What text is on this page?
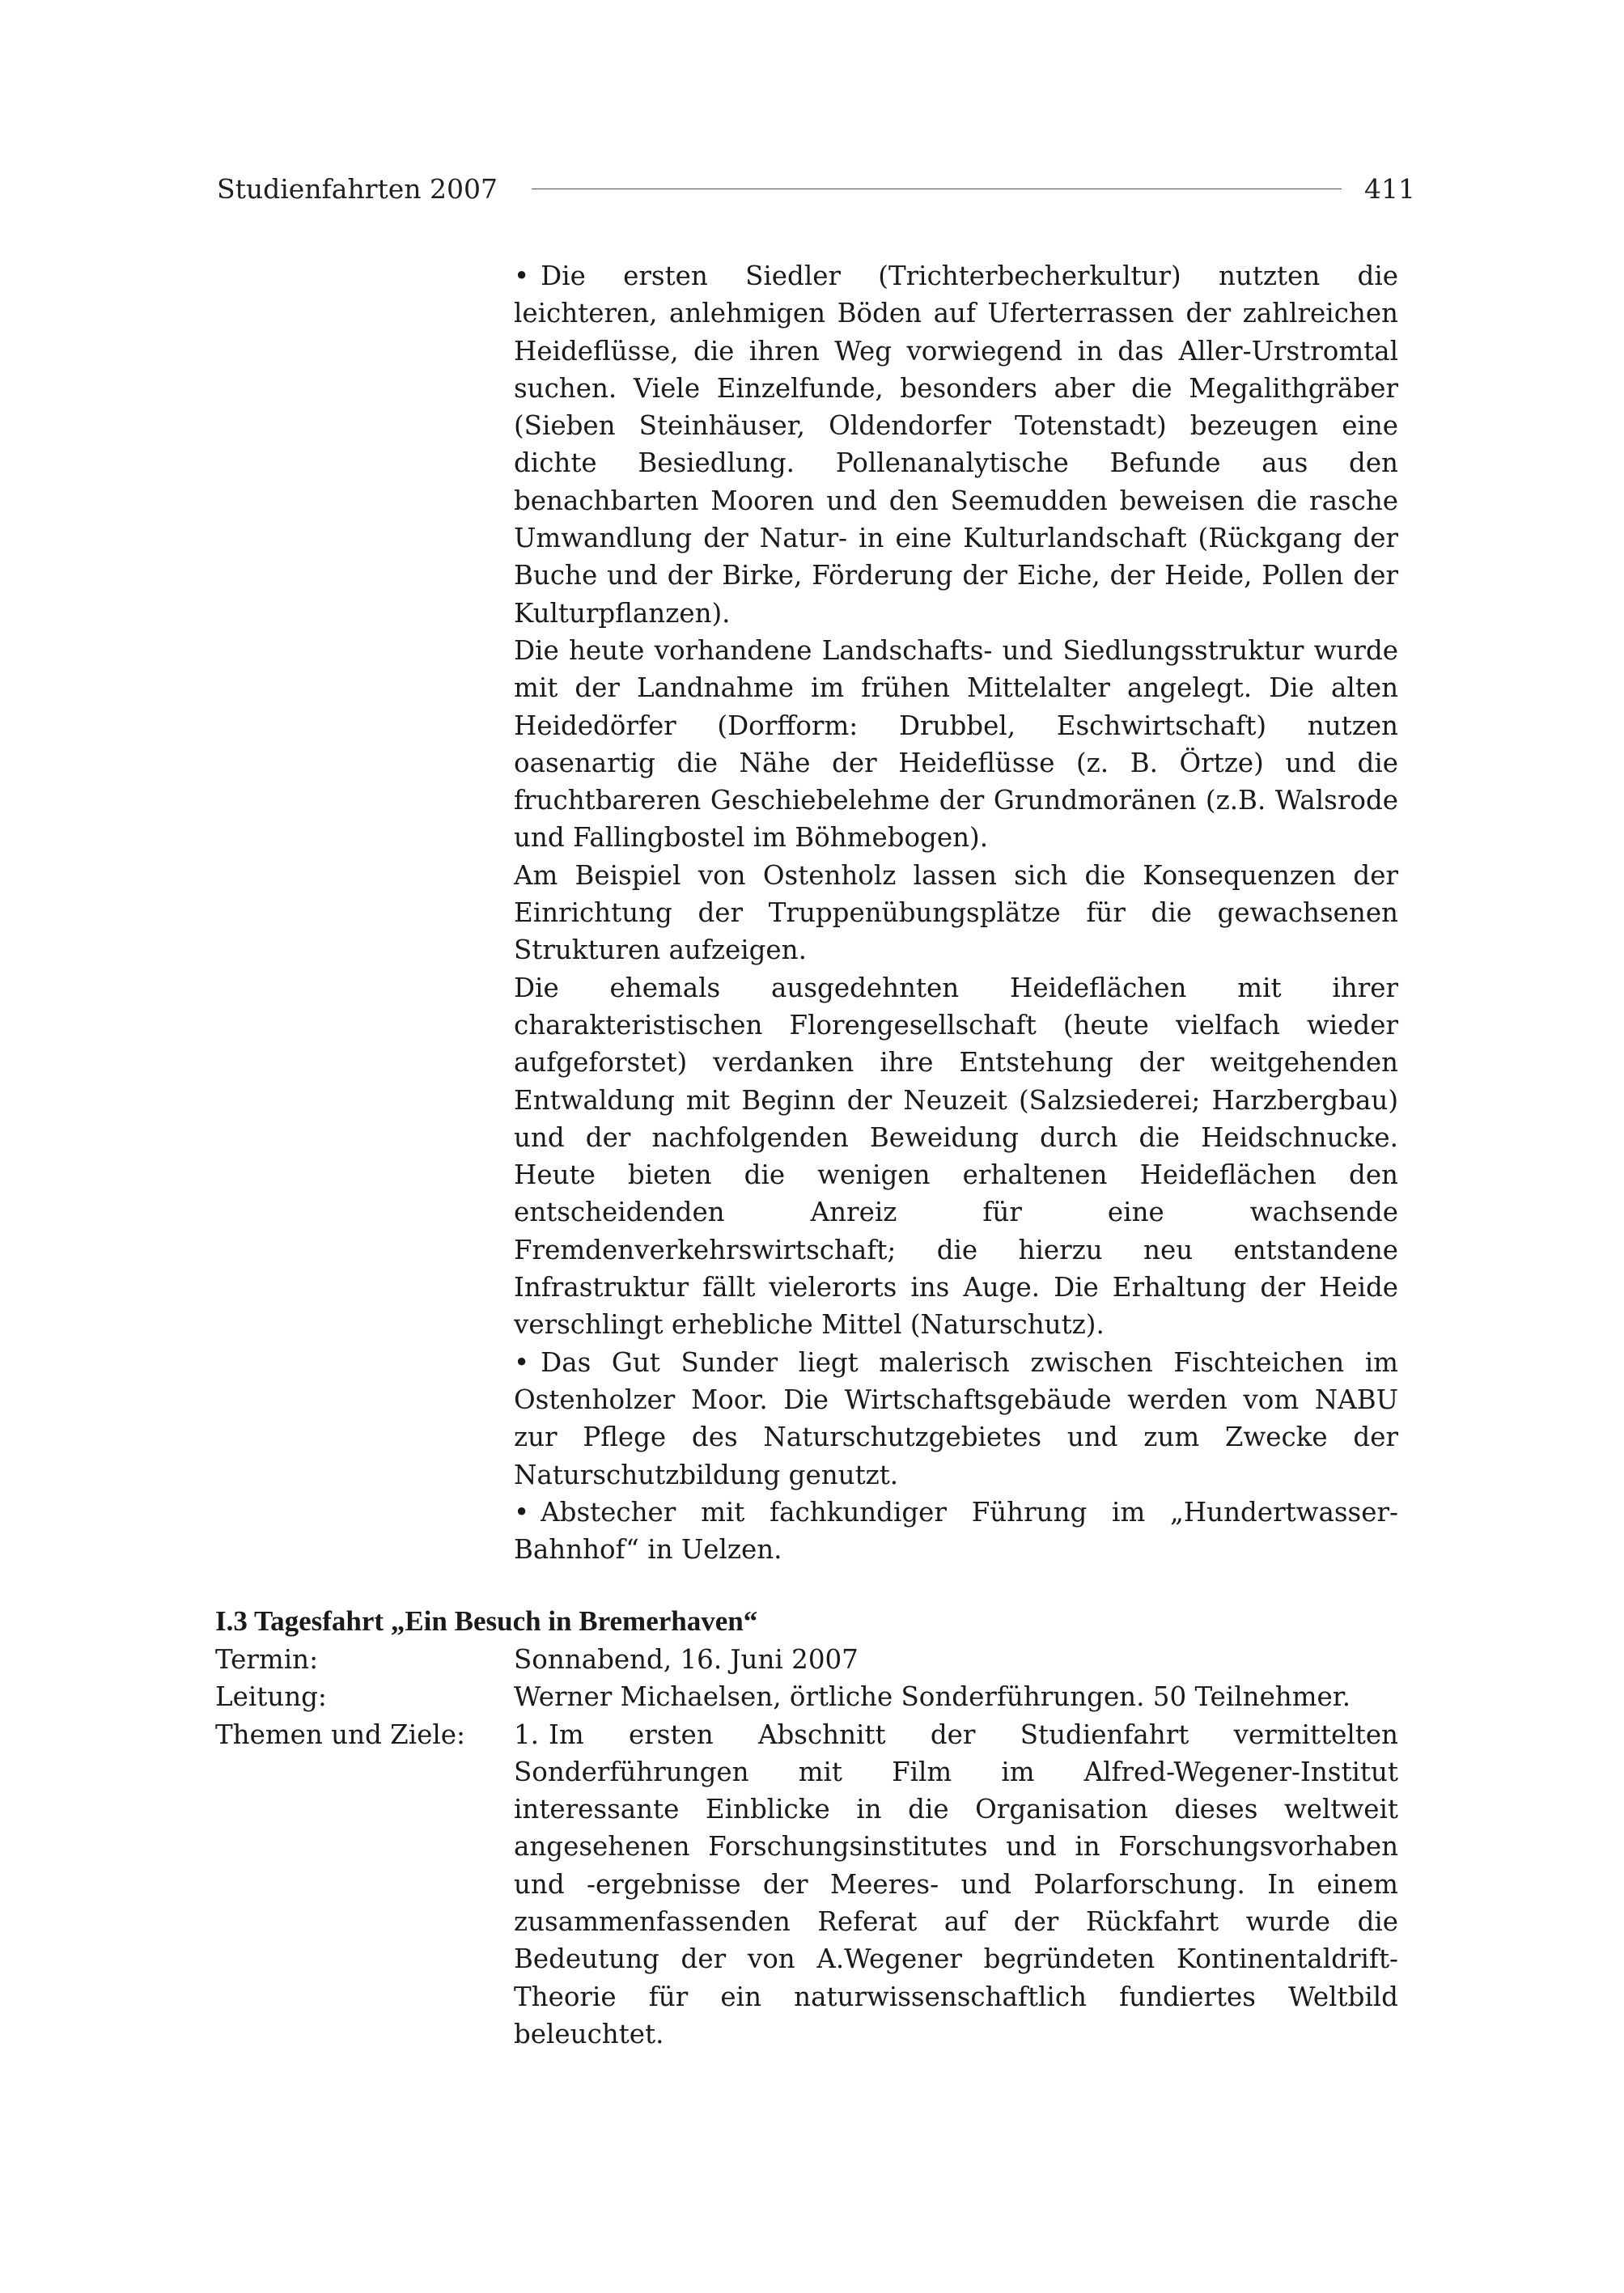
Studienfahrten 2007	411

• Die ersten Siedler (Trichterbecherkultur) nutzten die leichteren, anlehmigen Böden auf Uferterrassen der zahlreichen Heideflüsse, die ihren Weg vorwiegend in das Aller-Urstromtal suchen. Viele Einzelfunde, besonders aber die Megalithgräber (Sieben Steinhäuser, Oldendorfer Totenstadt) bezeugen eine dichte Besiedlung. Pollenanalytische Befunde aus den benachbarten Mooren und den Seemudden beweisen die rasche Umwandlung der Natur- in eine Kulturlandschaft (Rückgang der Buche und der Birke, Förderung der Eiche, der Heide, Pollen der Kulturpflanzen).

Die heute vorhandene Landschafts- und Siedlungsstruktur wurde mit der Landnahme im frühen Mittelalter angelegt. Die alten Heidedörfer (Dorfform: Drubbel, Eschwirtschaft) nutzen oasenartig die Nähe der Heideflüsse (z. B. Örtze) und die fruchtbareren Geschiebelehme der Grundmoränen (z.B. Walsrode und Fallingbostel im Böhmebogen).

Am Beispiel von Ostenholz lassen sich die Konsequenzen der Einrichtung der Truppenübungsplätze für die gewachsenen Strukturen aufzeigen.

Die ehemals ausgedehnten Heideflächen mit ihrer charakteristischen Florengesellschaft (heute vielfach wieder aufgeforstet) verdanken ihre Entstehung der weitgehenden Entwaldung mit Beginn der Neuzeit (Salzsiederei; Harzbergbau) und der nachfolgenden Beweidung durch die Heidschnucke. Heute bieten die wenigen erhaltenen Heideflächen den entscheidenden Anreiz für eine wachsende Fremdenverkehrswirtschaft; die hierzu neu entstandene Infrastruktur fällt vielerorts ins Auge. Die Erhaltung der Heide verschlingt erhebliche Mittel (Naturschutz).

• Das Gut Sunder liegt malerisch zwischen Fischteichen im Ostenholzer Moor. Die Wirtschaftsgebäude werden vom NABU zur Pflege des Naturschutzgebietes und zum Zwecke der Naturschutzbildung genutzt.

• Abstecher mit fachkundiger Führung im „Hundertwasser-Bahnhof“ in Uelzen.

I.3 Tagesfahrt „Ein Besuch in Bremerhaven“
Termin:	Sonnabend, 16. Juni 2007
Leitung:	Werner Michaelsen, örtliche Sonderführungen. 50 Teilnehmer.
Themen und Ziele:	1. Im ersten Abschnitt der Studienfahrt vermittelten Sonderführungen mit Film im Alfred-Wegener-Institut interessante Einblicke in die Organisation dieses weltweit angesehenen Forschungsinstitutes und in Forschungsvorhaben und -ergebnisse der Meeres- und Polarforschung. In einem zusammenfassenden Referat auf der Rückfahrt wurde die Bedeutung der von A.Wegener begründeten Kontinentaldrift-Theorie für ein naturwissenschaftlich fundiertes Weltbild beleuchtet.
